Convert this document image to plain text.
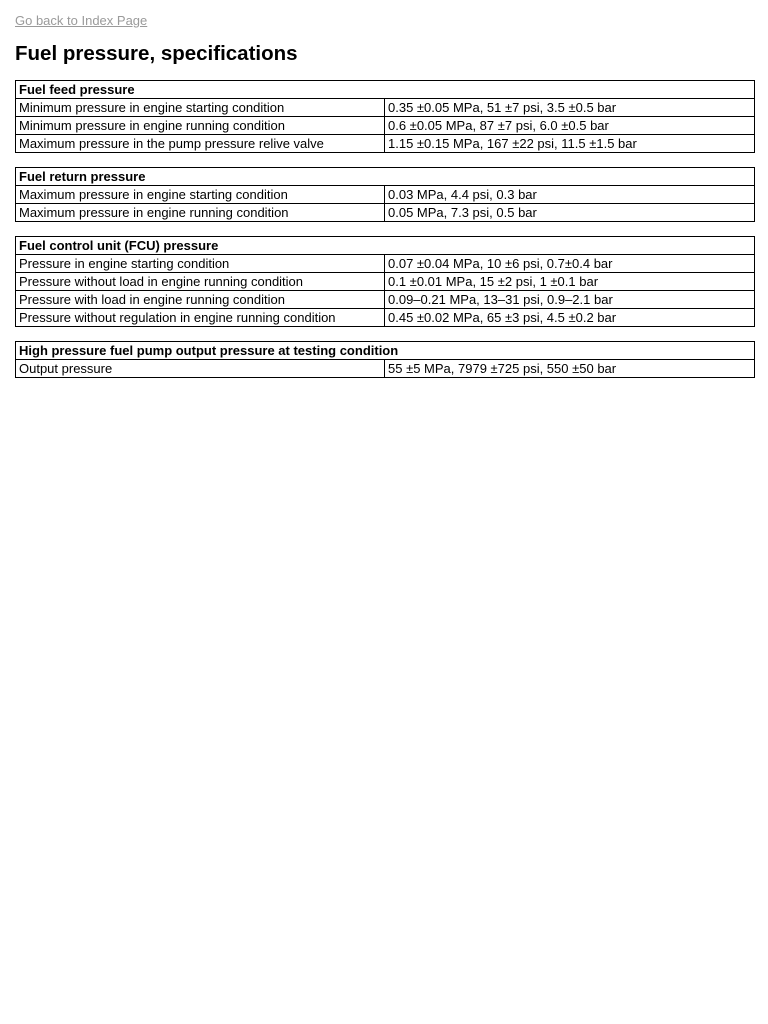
Go back to Index Page
Fuel pressure, specifications
Fuel feed pressure	
Minimum pressure in engine starting condition	0.35 ±0.05 MPa, 51 ±7 psi, 3.5 ±0.5 bar
Minimum pressure in engine running condition	0.6 ±0.05 MPa, 87 ±7 psi, 6.0 ±0.5 bar
Maximum pressure in the pump pressure relive valve	1.15 ±0.15 MPa, 167 ±22 psi, 11.5 ±1.5 bar
Fuel return pressure	
Maximum pressure in engine starting condition	0.03 MPa, 4.4 psi, 0.3 bar
Maximum pressure in engine running condition	0.05 MPa, 7.3 psi, 0.5 bar
Fuel control unit (FCU) pressure	
Pressure in engine starting condition	0.07 ±0.04 MPa, 10 ±6 psi, 0.7±0.4 bar
Pressure without load in engine running condition	0.1 ±0.01 MPa, 15 ±2 psi, 1 ±0.1 bar
Pressure with load in engine running condition	0.09–0.21 MPa, 13–31 psi, 0.9–2.1 bar
Pressure without regulation in engine running condition	0.45 ±0.02 MPa, 65 ±3 psi, 4.5 ±0.2 bar
High pressure fuel pump output pressure at testing condition
Output pressure	55 ±5 MPa, 7979 ±725 psi, 550 ±50 bar
